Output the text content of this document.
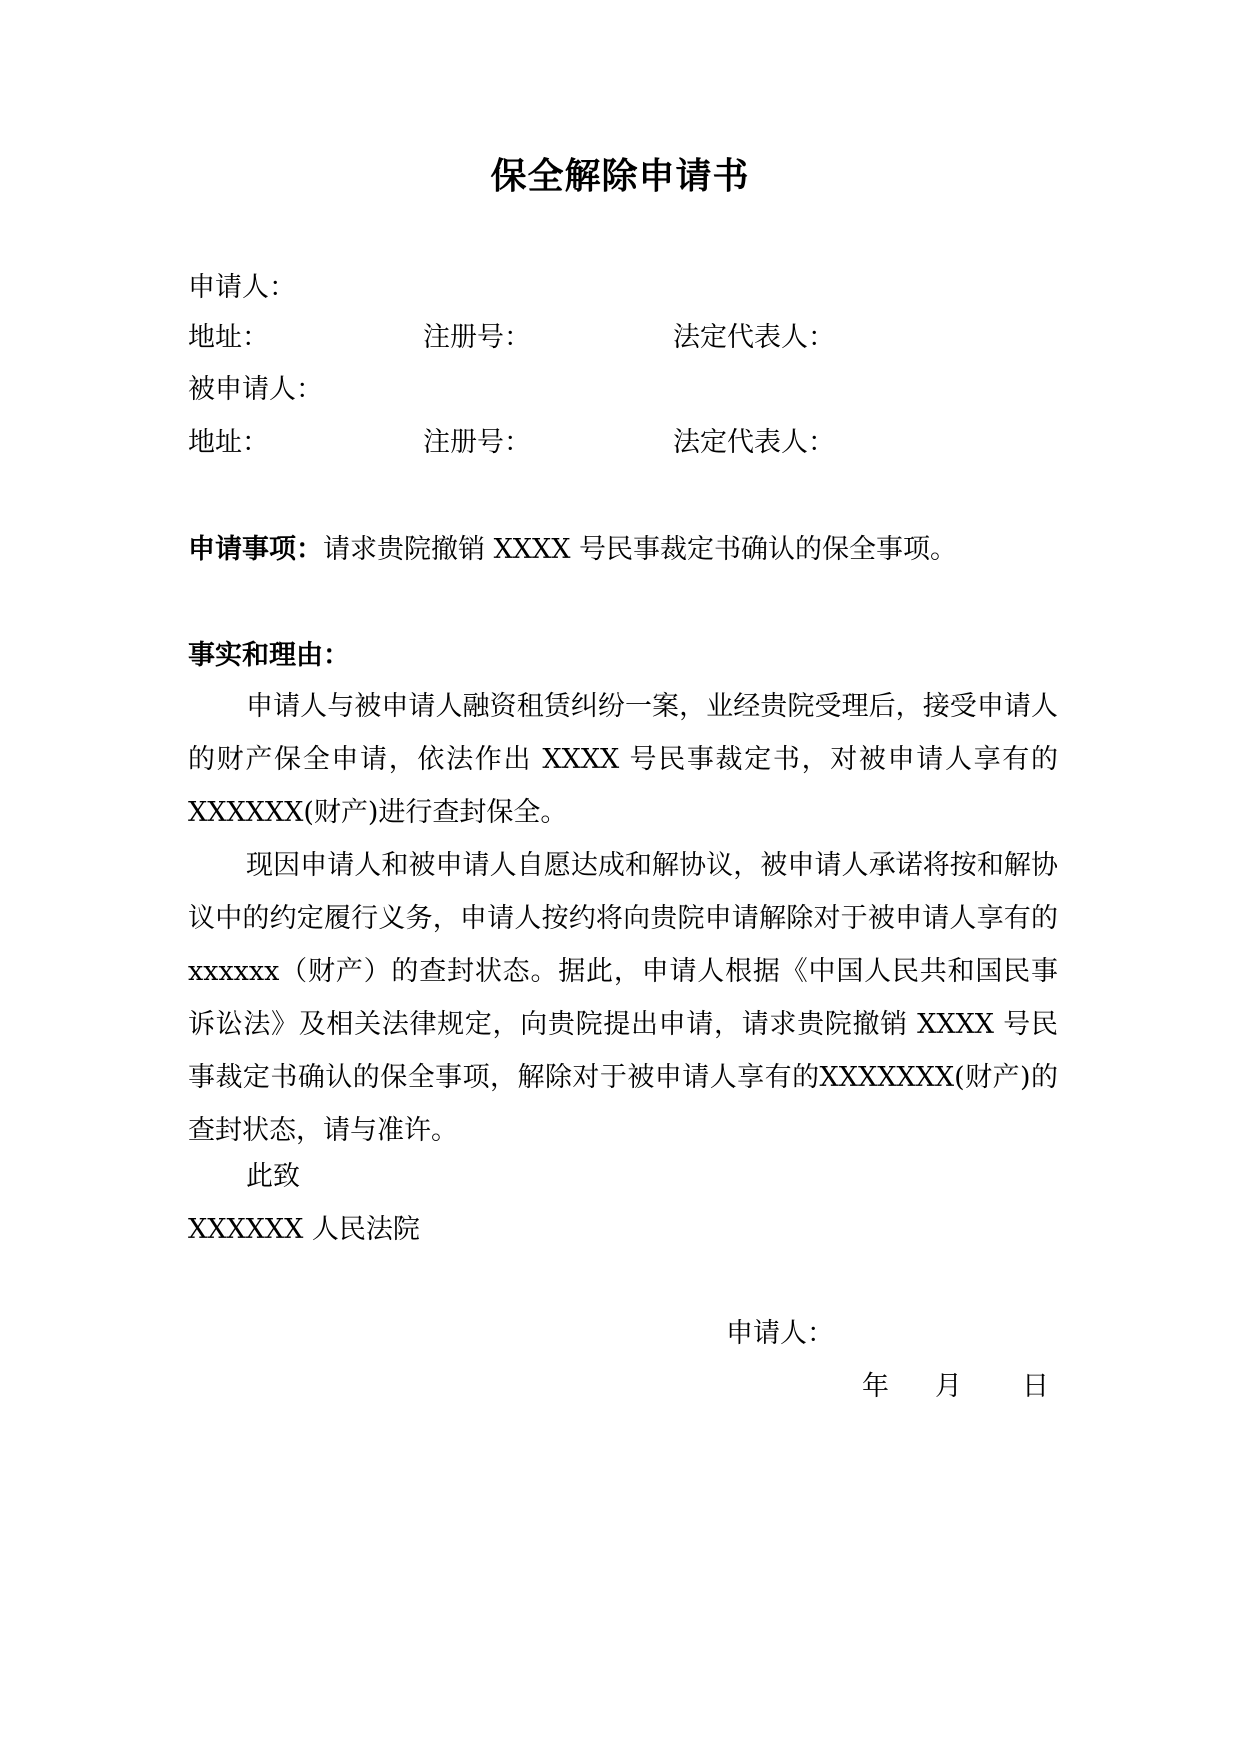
保全解除申请书
申请人：
地址：	注册号：	法定代表人：
被申请人：
地址：	注册号：	法定代表人：
申请事项：请求贵院撤销 XXXX 号民事裁定书确认的保全事项。
事实和理由：
申请人与被申请人融资租赁纠纷一案，业经贵院受理后，接受申请人的财产保全申请，依法作出 XXXX 号民事裁定书，对被申请人享有的 XXXXXX(财产)进行查封保全。
现因申请人和被申请人自愿达成和解协议，被申请人承诺将按和解协议中的约定履行义务，申请人按约将向贵院申请解除对于被申请人享有的 xxxxxx（财产）的查封状态。据此，申请人根据《中国人民共和国民事诉讼法》及相关法律规定，向贵院提出申请，请求贵院撤销 XXXX 号民事裁定书确认的保全事项，解除对于被申请人享有的XXXXXXX(财产)的查封状态，请与准许。
此致
XXXXXX 人民法院
申请人：
年 月 日
